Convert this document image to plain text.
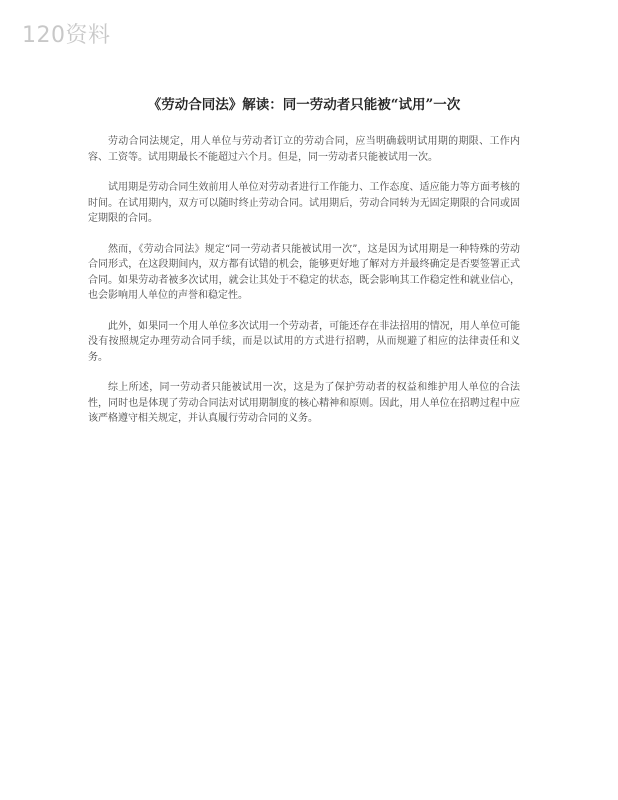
120资料
《劳动合同法》解读：同一劳动者只能被“试用”一次

劳动合同法规定，用人单位与劳动者订立的劳动合同，应当明确载明试用期的期限、工作内容、工资等。试用期最长不能超过六个月。但是，同一劳动者只能被试用一次。

试用期是劳动合同生效前用人单位对劳动者进行工作能力、工作态度、适应能力等方面考核的时间。在试用期内，双方可以随时终止劳动合同。试用期后，劳动合同转为无固定期限的合同或固定期限的合同。

然而，《劳动合同法》规定“同一劳动者只能被试用一次”，这是因为试用期是一种特殊的劳动合同形式，在这段期间内，双方都有试错的机会，能够更好地了解对方并最终确定是否要签署正式合同。如果劳动者被多次试用，就会让其处于不稳定的状态，既会影响其工作稳定性和就业信心，也会影响用人单位的声誉和稳定性。

此外，如果同一个用人单位多次试用一个劳动者，可能还存在非法招用的情况，用人单位可能没有按照规定办理劳动合同手续，而是以试用的方式进行招聘，从而规避了相应的法律责任和义务。

综上所述，同一劳动者只能被试用一次，这是为了保护劳动者的权益和维护用人单位的合法性，同时也是体现了劳动合同法对试用期制度的核心精神和原则。因此，用人单位在招聘过程中应该严格遵守相关规定，并认真履行劳动合同的义务。
